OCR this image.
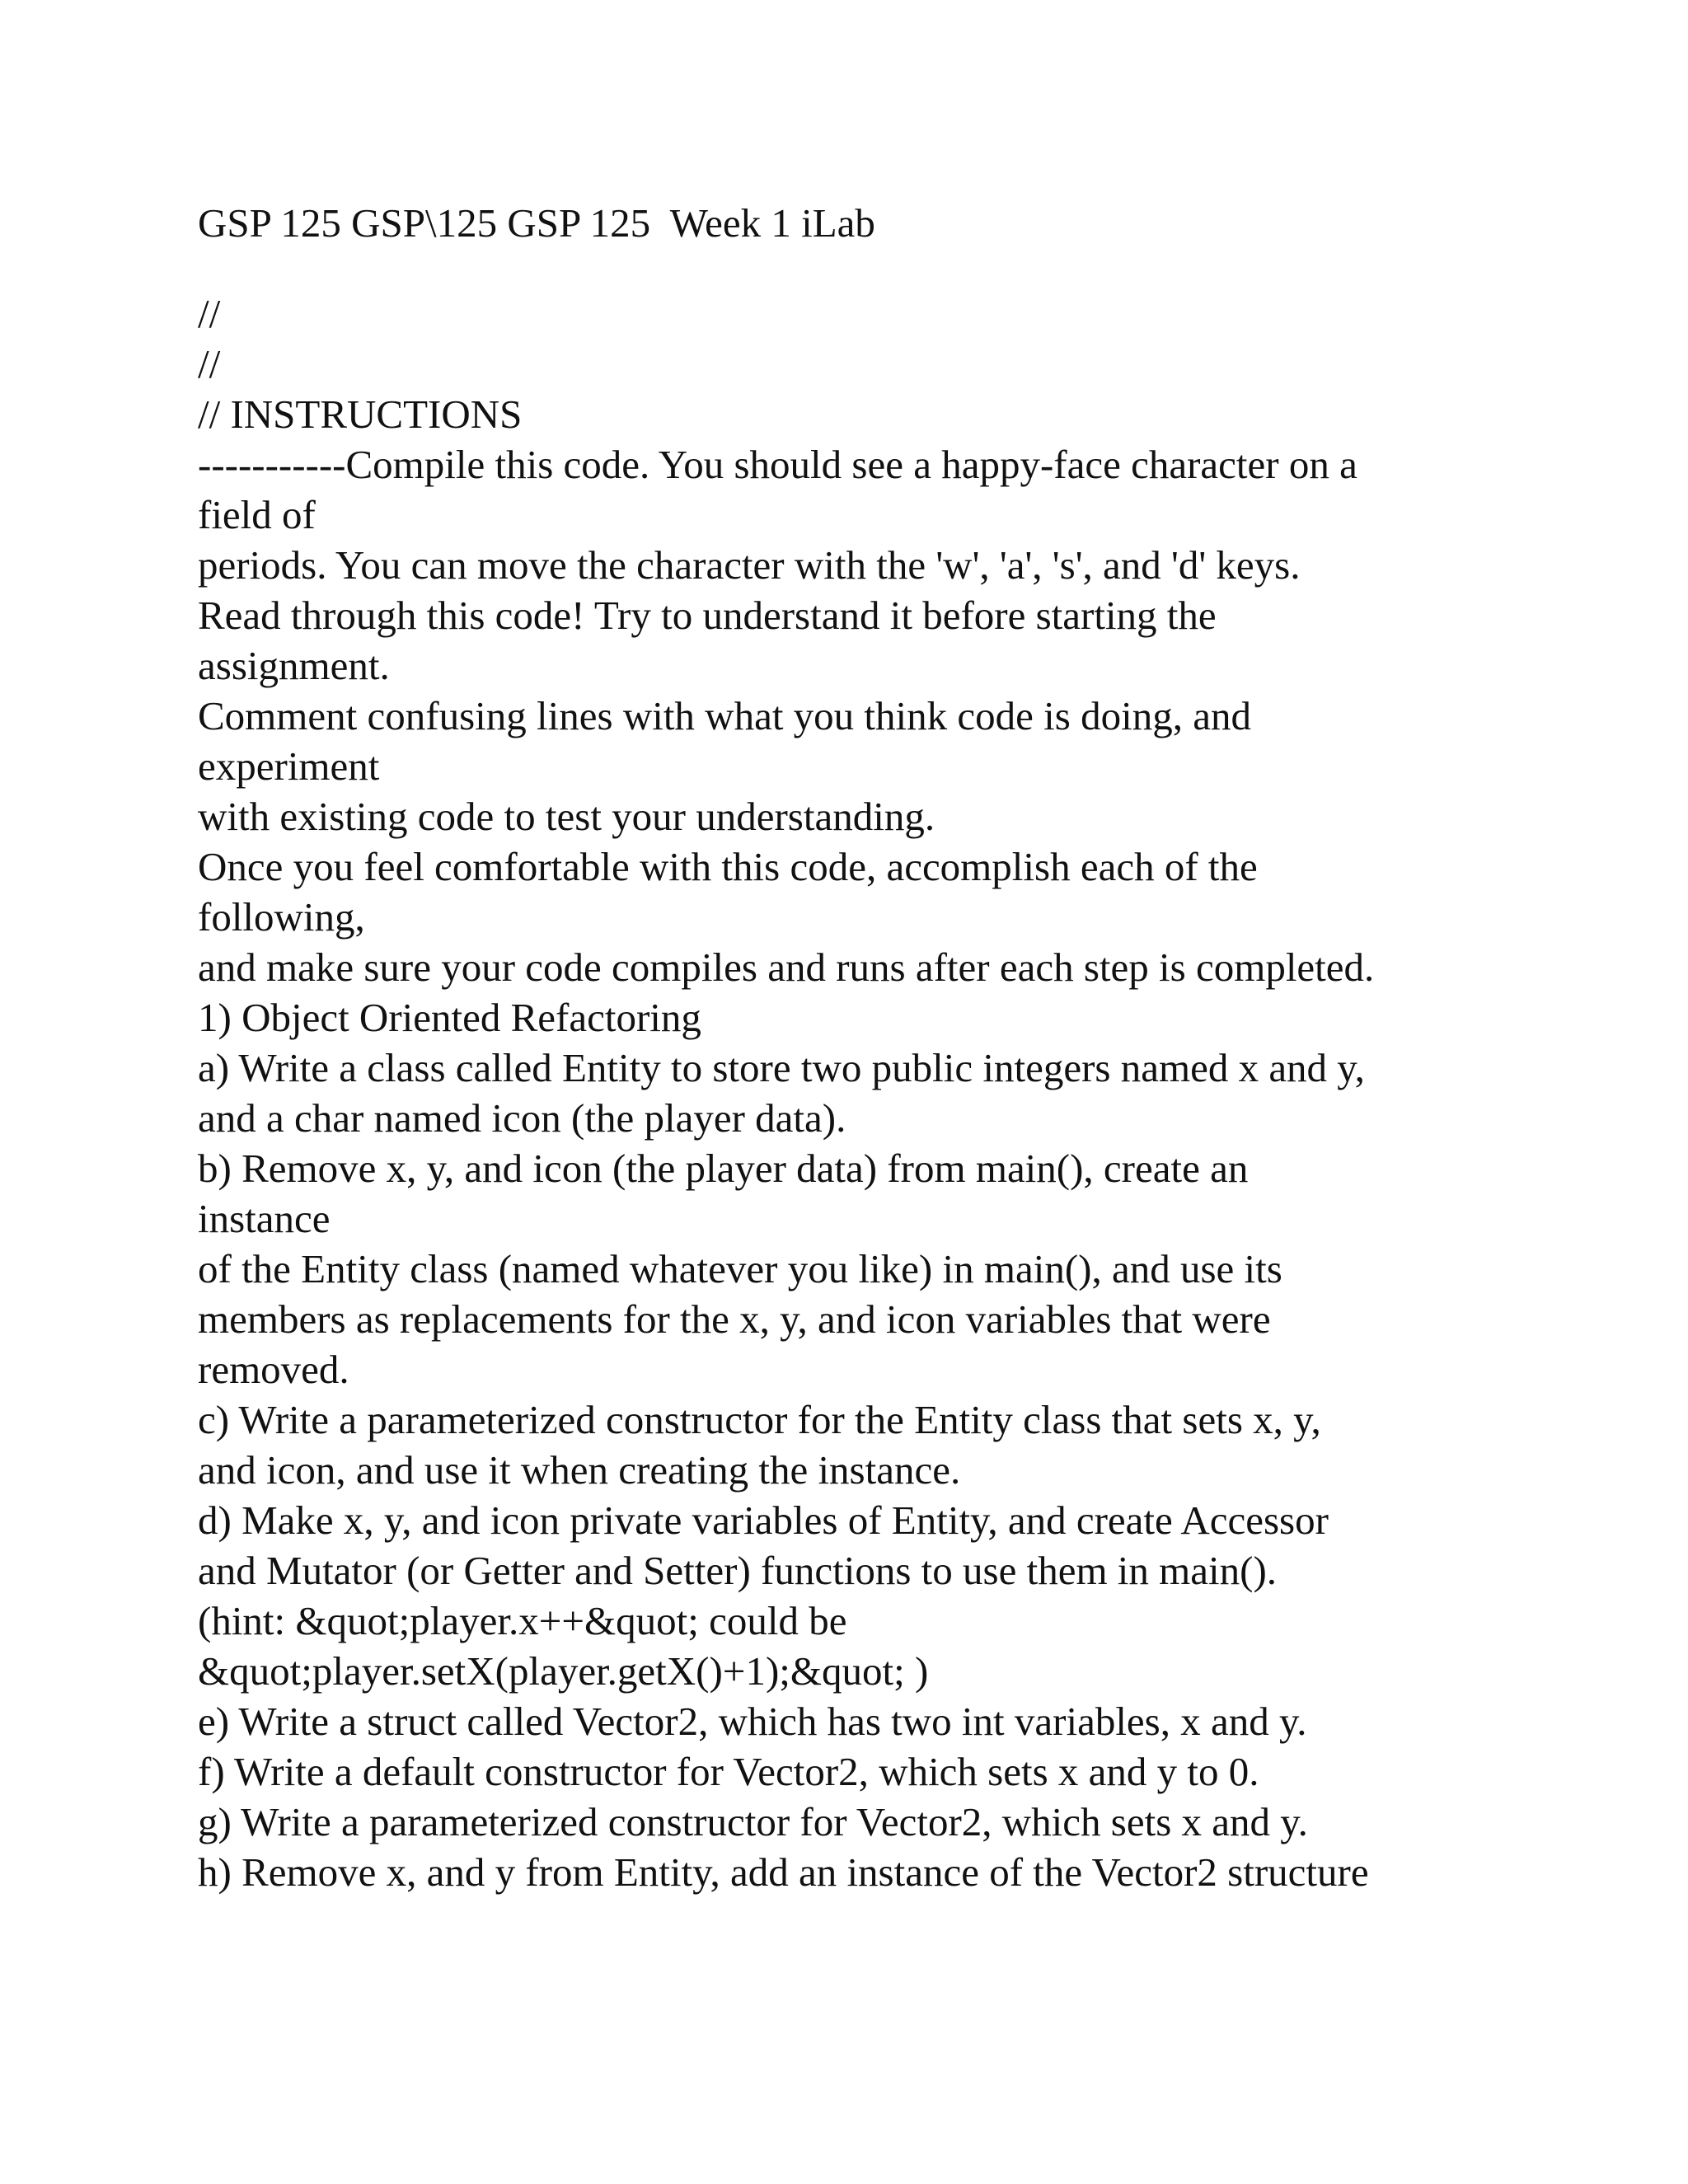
GSP 125 GSP\125 GSP 125  Week 1 iLab
//
//
// INSTRUCTIONS
-----------Compile this code. You should see a happy-face character on a
field of
periods. You can move the character with the 'w', 'a', 's', and 'd' keys.
Read through this code! Try to understand it before starting the
assignment.
Comment confusing lines with what you think code is doing, and
experiment
with existing code to test your understanding.
Once you feel comfortable with this code, accomplish each of the
following,
and make sure your code compiles and runs after each step is completed.
1) Object Oriented Refactoring
a) Write a class called Entity to store two public integers named x and y,
and a char named icon (the player data).
b) Remove x, y, and icon (the player data) from main(), create an
instance
of the Entity class (named whatever you like) in main(), and use its
members as replacements for the x, y, and icon variables that were
removed.
c) Write a parameterized constructor for the Entity class that sets x, y,
and icon, and use it when creating the instance.
d) Make x, y, and icon private variables of Entity, and create Accessor
and Mutator (or Getter and Setter) functions to use them in main().
(hint: &quot;player.x++&quot; could be
&quot;player.setX(player.getX()+1);&quot; )
e) Write a struct called Vector2, which has two int variables, x and y.
f) Write a default constructor for Vector2, which sets x and y to 0.
g) Write a parameterized constructor for Vector2, which sets x and y.
h) Remove x, and y from Entity, add an instance of the Vector2 structure
